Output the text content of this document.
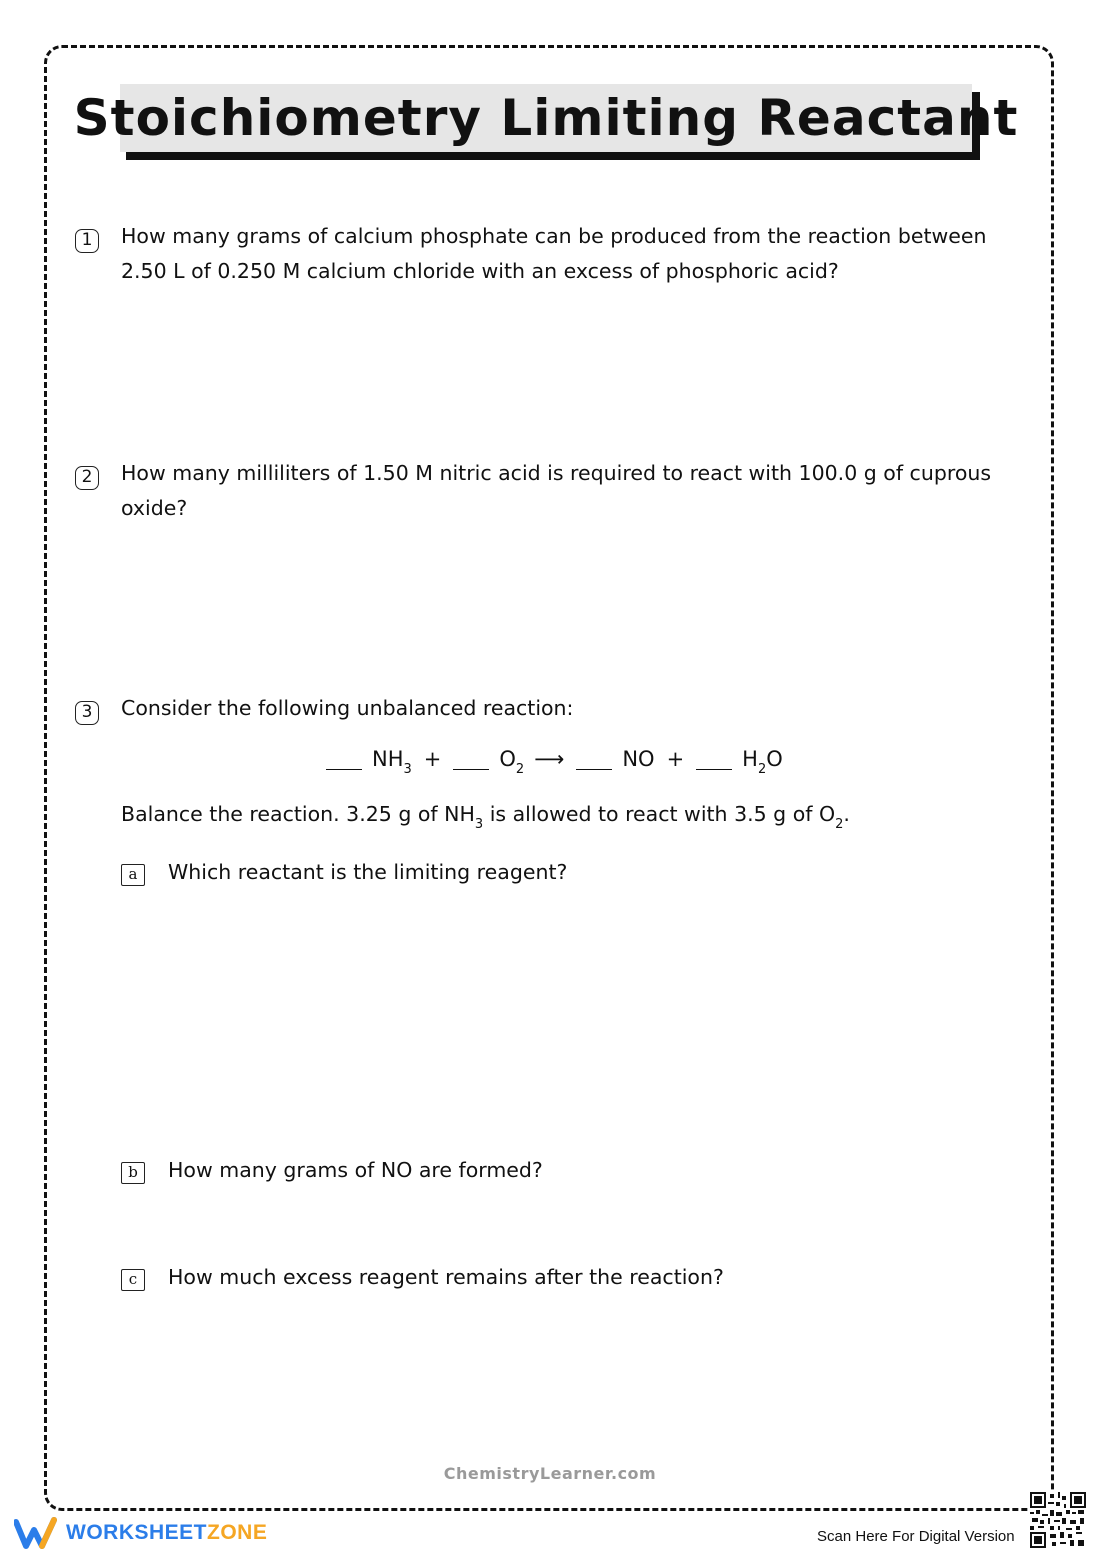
Stoichiometry Limiting Reactant
1	How many grams of calcium phosphate can be produced from the reaction between 2.50 L of 0.250 M calcium chloride with an excess of phosphoric acid?
2	How many milliliters of 1.50 M nitric acid is required to react with 100.0 g of cuprous oxide?
3	Consider the following unbalanced reaction:
$NH_3$ +	$O_2$ ⟶	NO +	$H_2O$
Balance the reaction. 3.25 g of $NH_3$ is allowed to react with 3.5 g of $O_2$.
a	Which reactant is the limiting reagent?
b	How many grams of NO are formed?
c	How much excess reagent remains after the reaction?
ChemistryLearner.com
WORKSHEETZONE	Scan Here For Digital Version
